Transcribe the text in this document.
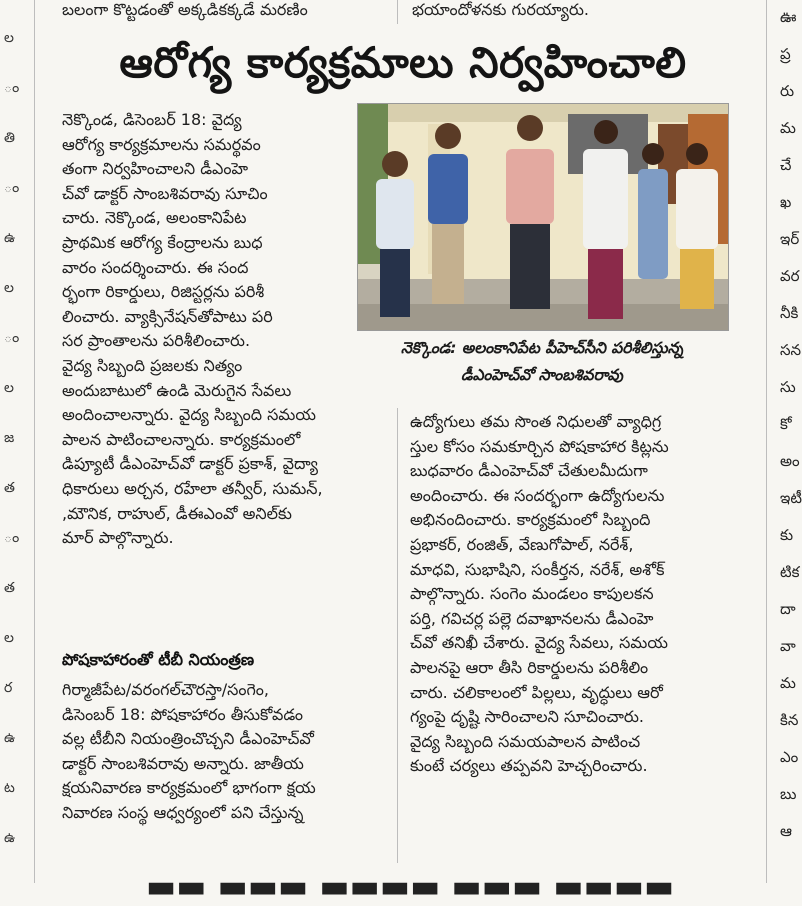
ల
ం
తి
ం
ఉ
ల
ం
ల
జ
త
ం
త
ల
ర
ఉ
ట
ఉ
ఊ
ప్ర
రు
మ
చే
ఖ
ఇర్
వర
నీకి
సన
సు
కో
అం
ఇటీ
కు
టిక
దా
వా
మ
కిన
ఎం
బు
ఆ
బలంగా కొట్టడంతో అక్కడికక్కడే మరణిం	భయాందోళనకు గురయ్యారు.
ఆరోగ్య కార్యక్రమాలు నిర్వహించాలి
నెక్కొండ, డిసెంబర్ 18: వైద్య
ఆరోగ్య కార్యక్రమాలను సమర్థవం
తంగా నిర్వహించాలని డీఎంహె
చ్‌వో డాక్టర్ సాంబశివరావు సూచిం
చారు. నెక్కొండ, అలంకానిపేట
ప్రాథమిక ఆరోగ్య కేంద్రాలను బుధ
వారం సందర్శించారు. ఈ సంద
ర్భంగా రికార్డులు, రిజిస్టర్లను పరిశీ
లించారు. వ్యాక్సినేషన్‌తోపాటు పరి
సర ప్రాంతాలను పరిశీలించారు.
వైద్య సిబ్బంది ప్రజలకు నిత్యం
అందుబాటులో ఉండి మెరుగైన సేవలు
అందించాలన్నారు. వైద్య సిబ్బంది సమయ
పాలన పాటించాలన్నారు. కార్యక్రమంలో
డిప్యూటీ డీఎంహెచ్‌వో డాక్టర్ ప్రకాశ్, వైద్యా
ధికారులు అర్చన, రహేలా తన్వీర్, సుమన్,
,మౌనిక, రాహుల్, డీఈఎంవో అనిల్‌కు
మార్ పాల్గొన్నారు.
పోషకాహారంతో టీబీ నియంత్రణ
గిర్మాజీపేట/వరంగల్‌చౌరస్తా/సంగెం,
డిసెంబర్ 18: పోషకాహారం తీసుకోవడం
వల్ల టీబీని నియంత్రించొచ్చని డీఎంహెచ్‌వో
డాక్టర్ సాంబశివరావు అన్నారు. జాతీయ
క్షయనివారణ కార్యక్రమంలో భాగంగా క్షయ
నివారణ సంస్థ ఆధ్వర్యంలో పని చేస్తున్న
నెక్కొండ: అలంకానిపేట పీహెచ్‌సీని పరిశీలిస్తున్న
డీఎంహెచ్‌వో సాంబశివరావు
ఉద్యోగులు తమ సొంత నిధులతో వ్యాధిగ్ర
స్తుల కోసం సమకూర్చిన పోషకాహార కిట్లను
బుధవారం డీఎంహెచ్‌వో చేతులమీదుగా
అందించారు. ఈ సందర్భంగా ఉద్యోగులను
అభినందించారు. కార్యక్రమంలో సిబ్బంది
ప్రభాకర్, రంజిత్, వేణుగోపాల్, నరేశ్,
మాధవి, సుభాషిని, సంకీర్తన, నరేశ్, అశోక్
పాల్గొన్నారు. సంగెం మండలం కాపులకన
పర్తి, గవిచర్ల పల్లె దవాఖానలను డీఎంహె
చ్‌వో తనిఖీ చేశారు. వైద్య సేవలు, సమయ
పాలనపై ఆరా తీసి రికార్డులను పరిశీలిం
చారు. చలికాలంలో పిల్లలు, వృద్ధులు ఆరో
గ్యంపై దృష్టి సారించాలని సూచించారు.
వైద్య సిబ్బంది సమయపాలన పాటించ
కుంటే చర్యలు తప్పవని హెచ్చరించారు.
▬▬ ▬▬▬ ▬▬▬▬ ▬▬▬ ▬▬▬▬
